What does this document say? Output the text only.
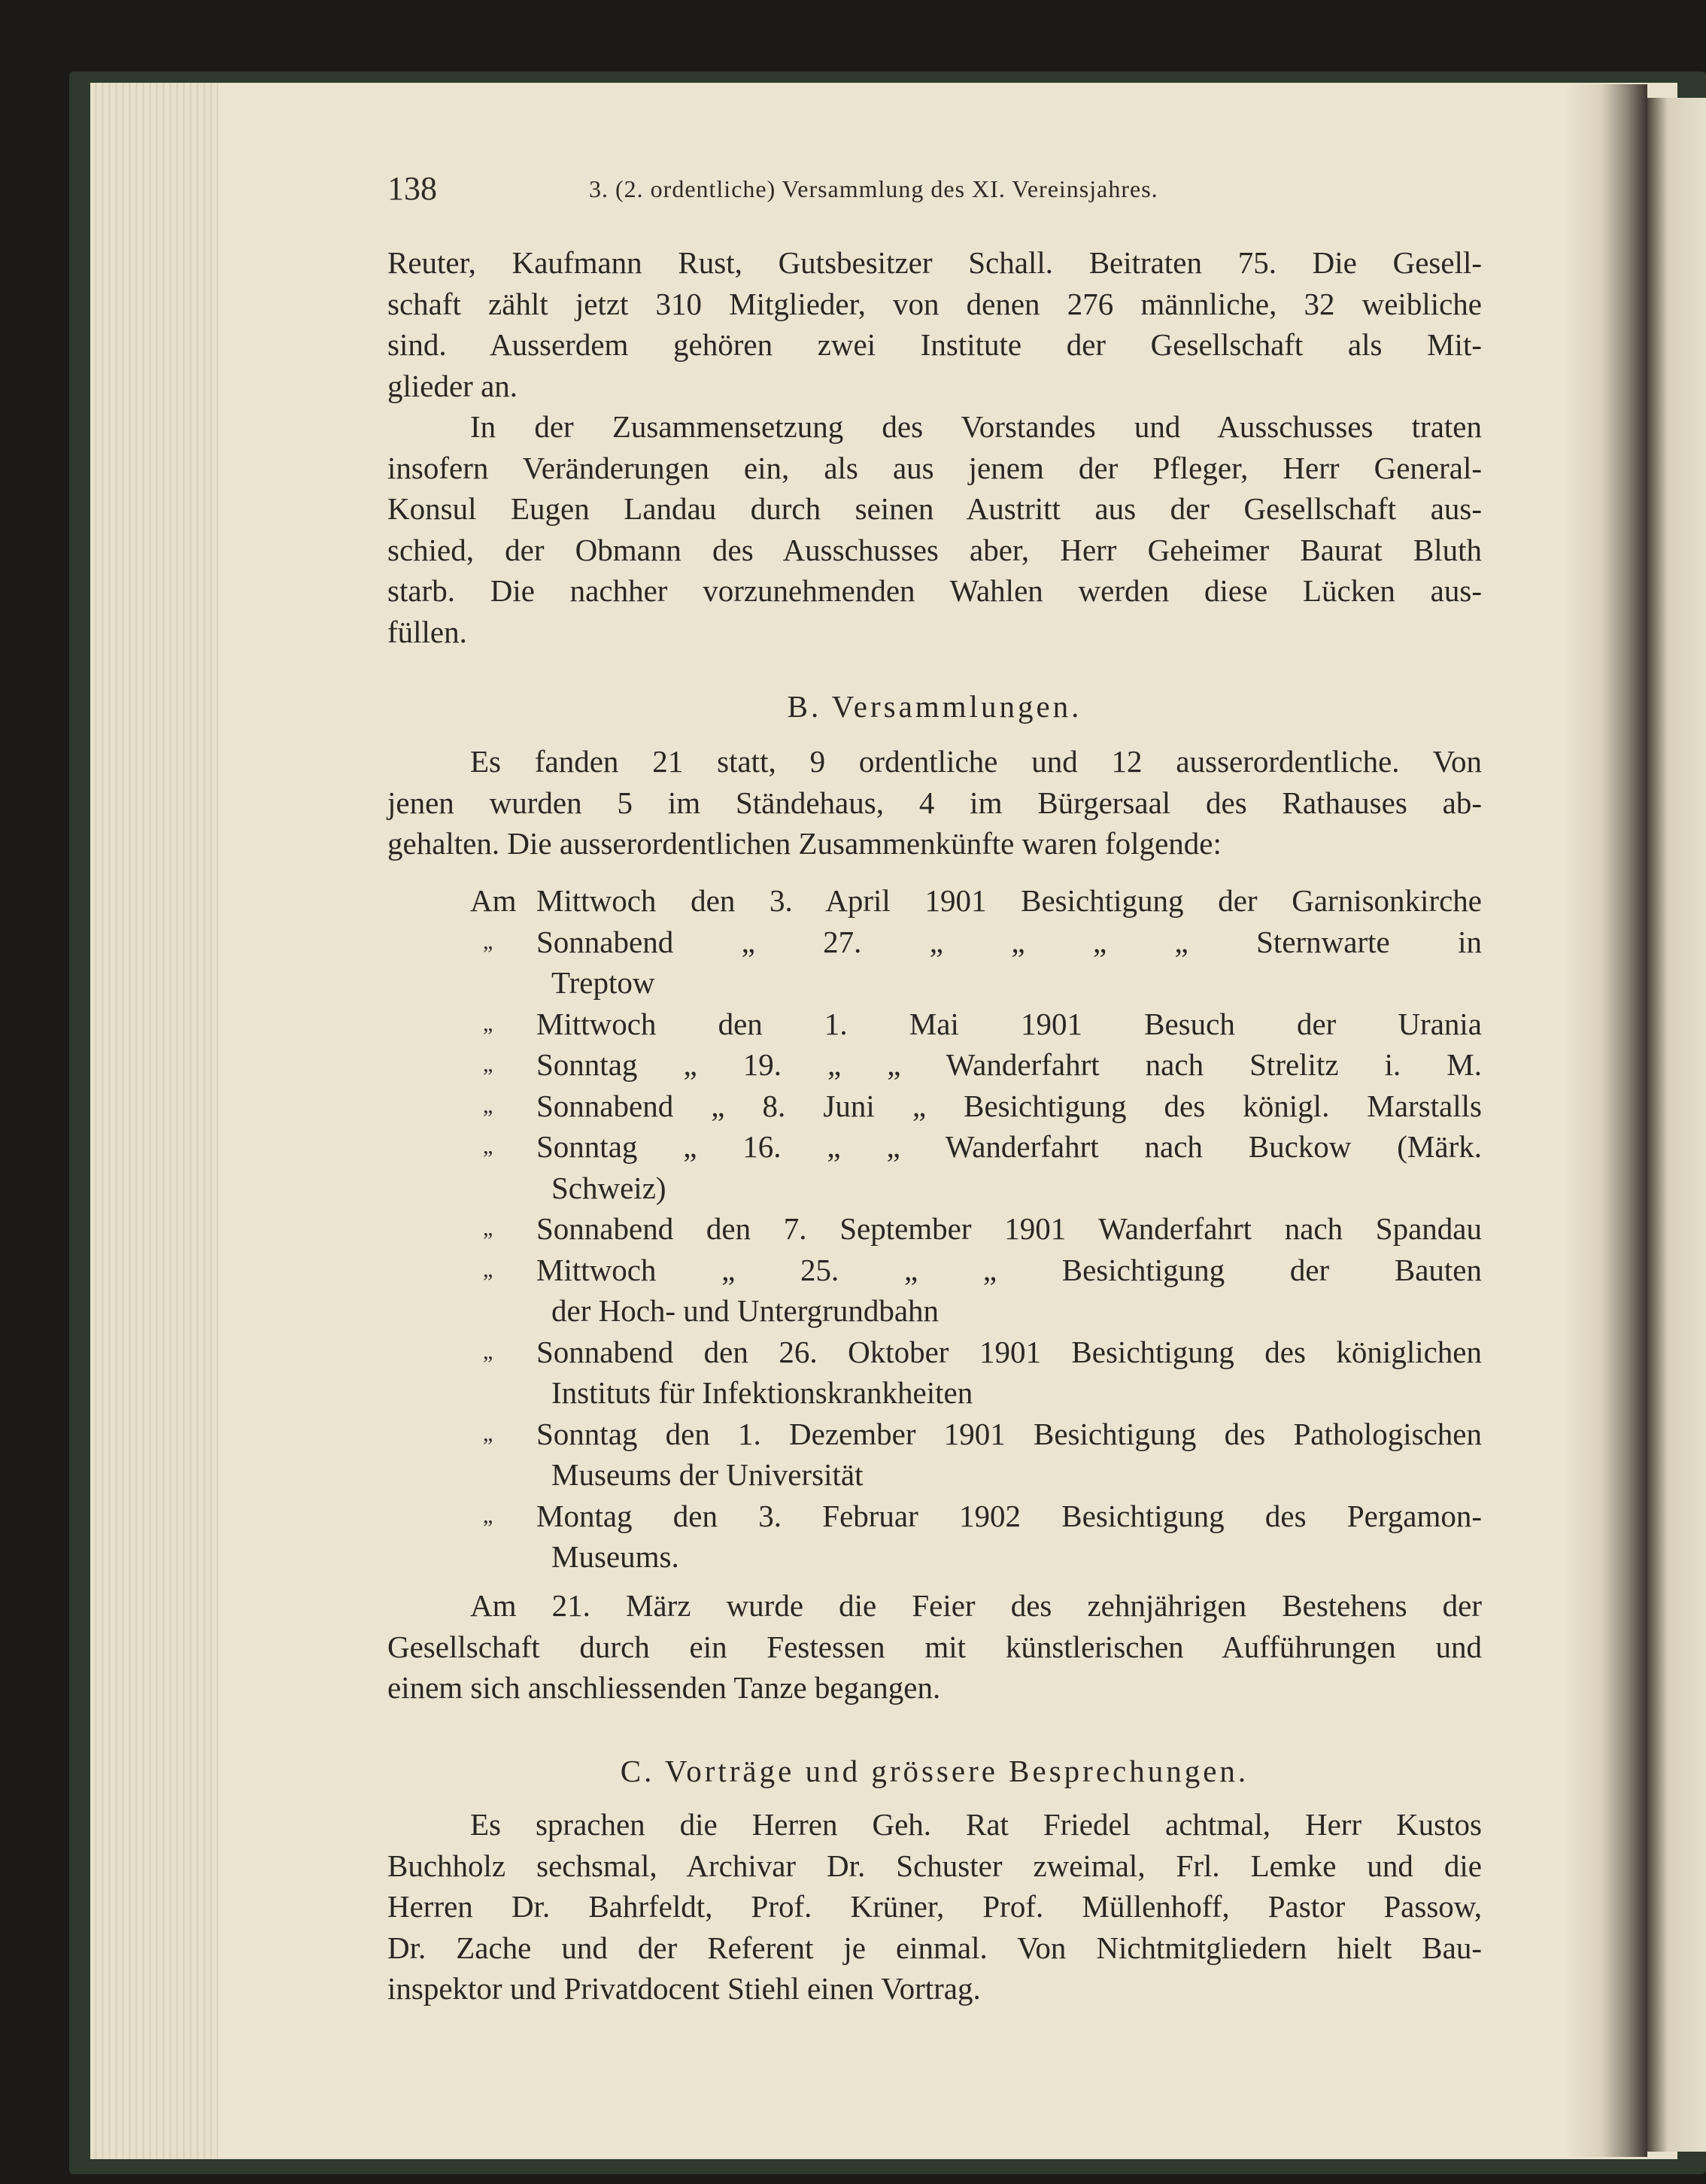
138	3. (2. ordentliche) Versammlung des XI. Vereinsjahres.
Reuter, Kaufmann Rust, Gutsbesitzer Schall. Beitraten 75. Die Gesell-
schaft zählt jetzt 310 Mitglieder, von denen 276 männliche, 32 weibliche
sind. Ausserdem gehören zwei Institute der Gesellschaft als Mit-
glieder an.
In der Zusammensetzung des Vorstandes und Ausschusses traten
insofern Veränderungen ein, als aus jenem der Pfleger, Herr General-
Konsul Eugen Landau durch seinen Austritt aus der Gesellschaft aus-
schied, der Obmann des Ausschusses aber, Herr Geheimer Baurat Bluth
starb. Die nachher vorzunehmenden Wahlen werden diese Lücken aus-
füllen.
B. Versammlungen.
Es fanden 21 statt, 9 ordentliche und 12 ausserordentliche. Von
jenen wurden 5 im Ständehaus, 4 im Bürgersaal des Rathauses ab-
gehalten. Die ausserordentlichen Zusammenkünfte waren folgende:
Am Mittwoch den 3. April 1901 Besichtigung der Garnisonkirche
„ Sonnabend „ 27. „ „ „ „ Sternwarte in
Treptow
„ Mittwoch den 1. Mai 1901 Besuch der Urania
„ Sonntag „ 19. „ „ Wanderfahrt nach Strelitz i. M.
„ Sonnabend „ 8. Juni „ Besichtigung des königl. Marstalls
„ Sonntag „ 16. „ „ Wanderfahrt nach Buckow (Märk.
Schweiz)
„ Sonnabend den 7. September 1901 Wanderfahrt nach Spandau
„ Mittwoch „ 25. „ „ Besichtigung der Bauten
der Hoch- und Untergrundbahn
„ Sonnabend den 26. Oktober 1901 Besichtigung des königlichen
Instituts für Infektionskrankheiten
„ Sonntag den 1. Dezember 1901 Besichtigung des Pathologischen
Museums der Universität
„ Montag den 3. Februar 1902 Besichtigung des Pergamon-
Museums.
Am 21. März wurde die Feier des zehnjährigen Bestehens der
Gesellschaft durch ein Festessen mit künstlerischen Aufführungen und
einem sich anschliessenden Tanze begangen.
C. Vorträge und grössere Besprechungen.
Es sprachen die Herren Geh. Rat Friedel achtmal, Herr Kustos
Buchholz sechsmal, Archivar Dr. Schuster zweimal, Frl. Lemke und die
Herren Dr. Bahrfeldt, Prof. Krüner, Prof. Müllenhoff, Pastor Passow,
Dr. Zache und der Referent je einmal. Von Nichtmitgliedern hielt Bau-
inspektor und Privatdocent Stiehl einen Vortrag.
